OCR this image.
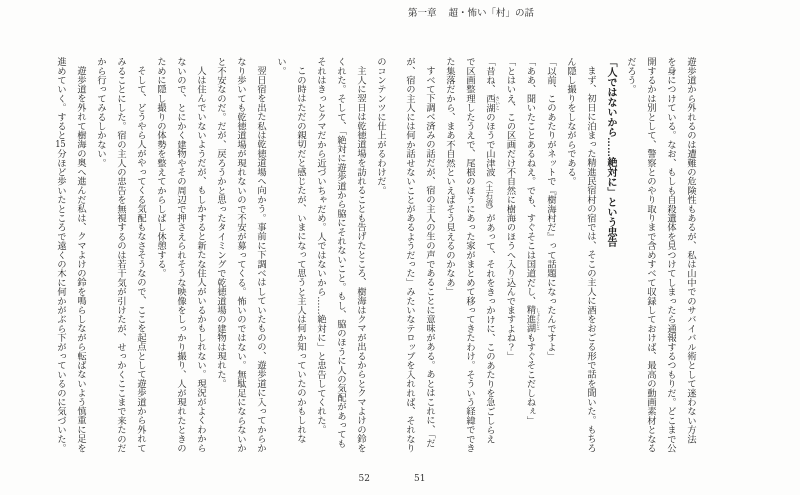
第一章 超・怖い「村」の話

のコンテンツに仕上がるわけだ。

主人に翌日は乾徳道場を訪れることも告げたところ、樹海はクマが出るからとクマよけの鈴を

くれた。そして、「絶対に遊歩道から脇にそれないこと。もし、脇のほうに人の気配があっても

それはきっとクマだから近づいちゃだめ。人ではないから……絶対に」と忠告してくれた。

この時はただの親切だと感じたが、いまになって思うと主人は何か知っていたのかもしれない。

翌日宿を出た私は乾徳道場へ向かう。事前に下調べはしていたものの、遊歩道に入ってからか

なり歩いても乾徳道場が現れないので不安が募ってくる。怖いのではない。無駄足にならないか

と不安なのだ。だが、戻ろうかと思ったタイミングで乾徳道場の建物は現れた。

人は住んでいないようだが、もしかすると新たな住人がいるかもしれない。現況がよくわから

ないので、とにかく建物やその周辺で押さえられそうな映像をしっかり撮り、人が現れたときの

ために隠し撮りの体勢を整えてからしばし休憩する。

そして、どうやら人がやってくる気配もなさそうなので、ここを起点として遊歩道から外れて

みることにした。宿の主人の忠告を無視するのは若干気が引けたが、せっかくここまで来たのだ

から行ってみるしかない。

遊歩道を外れて樹海の奥へ進んだ私は、クマよけの鈴を鳴らしながら転ばないよう慎重に足を

進めていく。すると15分ほど歩いたところで遠くの木に何かがぶら下がっているのに気づいた。

52

遊歩道から外れるのは遭難の危険性もあるが、私は山中でのサバイバル術として迷わない方法

を身につけている。なお、もしも自殺遺体を見つけてしまったら通報するつもりだ。どこまで公

開するかは別として、警察とのやり取りまで含めすべて収録しておけば、最高の動画素材となる

だろう。

「人ではないから……絶対に」という忠告

まず、初日に泊まった精進民宿村の宿では、そこの主人に酒をおごる形で話を聞いた。もちろ

ん隠し撮りをしながらである。

「以前、このあたりがネットで『樹海村だ』って話題になったんですよ」

「ああ、聞いたことあるねえ。でも、すぐそこは国道だし、精進湖 しょうじこもすぐそこだしねぇ」

「とはいえ、この区画だけ不自然に樹海のほうへ入り込んでますよね？」

「昔ね、西湖 さいこのほうで山津波（土石流）があって、それをきっかけに、このあたりを急ごしらえ

で区画整理したうえで、尾根のほうにあった家がまとめて移ってきたわけ。そういう経緯ででき

た集落だから、まあ不自然といえばそう見えるのかなあ」

すべて下調べ済みの話だが、宿の主人の生の声であることに意味がある。あとはこれに、「だ

が、宿の主人には何か話せないことがあるようだった」みたいなテロップを入れれば、それなり

51
